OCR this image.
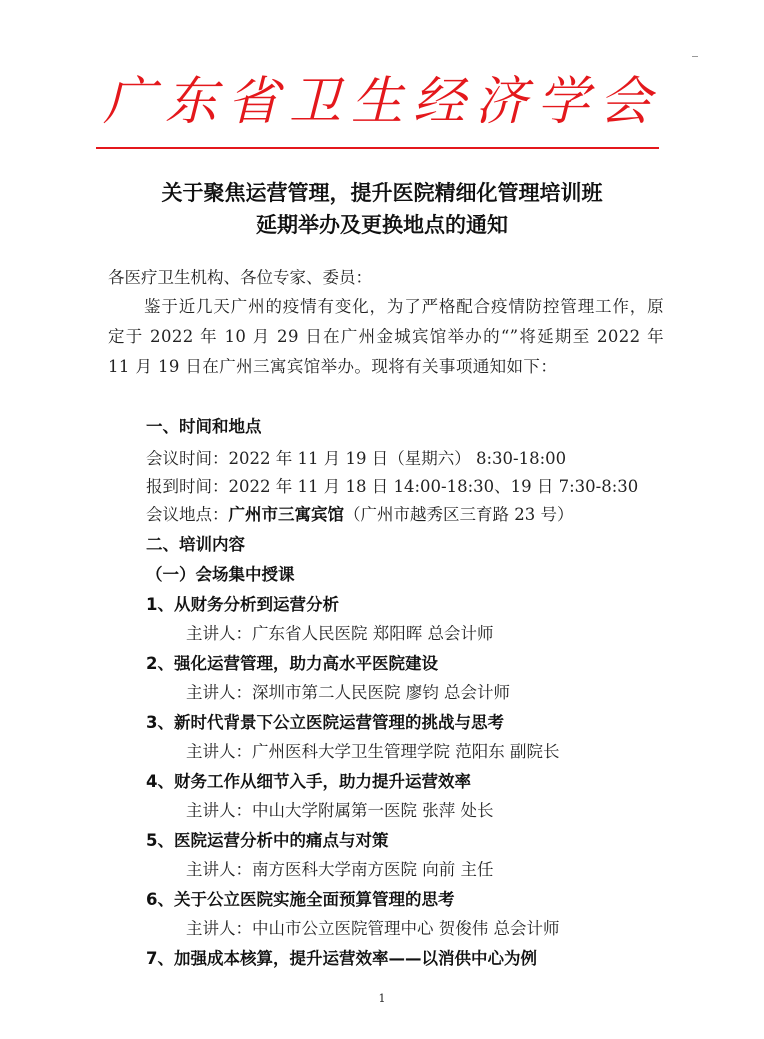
广东省卫生经济学会
关于聚焦运营管理，提升医院精细化管理培训班
延期举办及更换地点的通知
各医疗卫生机构、各位专家、委员：
鉴于近几天广州的疫情有变化，为了严格配合疫情防控管理工作，原定于 2022 年 10 月 29 日在广州金城宾馆举办的“”将延期至 2022 年 11 月 19 日在广州三寓宾馆举办。现将有关事项通知如下：
一、时间和地点
会议时间：2022 年 11 月 19 日（星期六） 8:30-18:00
报到时间：2022 年 11 月 18 日 14:00-18:30、19 日 7:30-8:30
会议地点：广州市三寓宾馆（广州市越秀区三育路 23 号）
二、培训内容
（一）会场集中授课
1、从财务分析到运营分析
主讲人：广东省人民医院 郑阳晖 总会计师
2、强化运营管理，助力高水平医院建设
主讲人：深圳市第二人民医院 廖钧 总会计师
3、新时代背景下公立医院运营管理的挑战与思考
主讲人：广州医科大学卫生管理学院 范阳东 副院长
4、财务工作从细节入手，助力提升运营效率
主讲人：中山大学附属第一医院 张萍 处长
5、医院运营分析中的痛点与对策
主讲人：南方医科大学南方医院 向前 主任
6、关于公立医院实施全面预算管理的思考
主讲人：中山市公立医院管理中心 贺俊伟 总会计师
7、加强成本核算，提升运营效率——以消供中心为例
1
